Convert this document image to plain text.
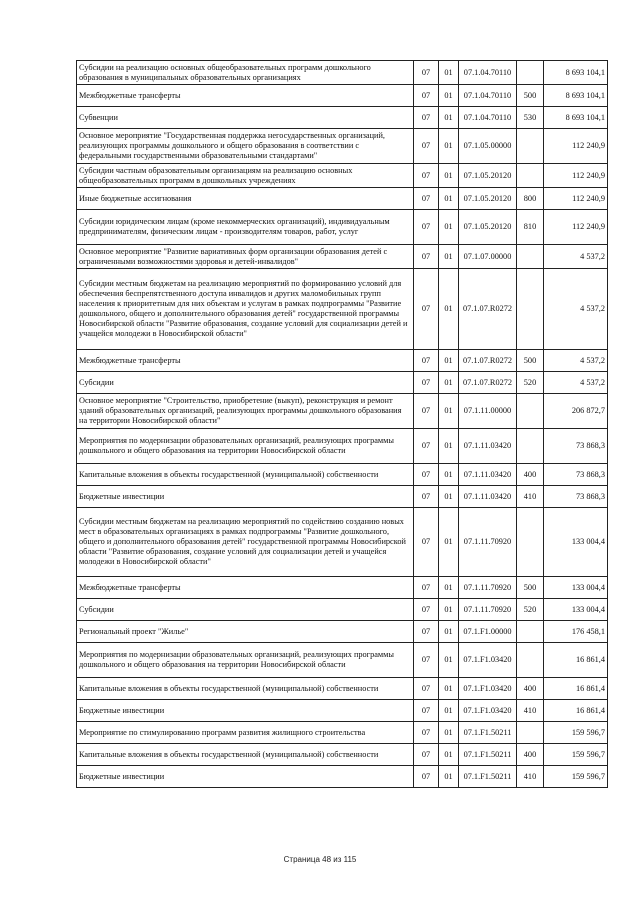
Субсидии на реализацию основных общеобразовательных программ дошкольного образования в муниципальных образовательных организациях	07	01	07.1.04.70110		8 693 104,1
Межбюджетные трансферты	07	01	07.1.04.70110	500	8 693 104,1
Субвенции	07	01	07.1.04.70110	530	8 693 104,1
Основное мероприятие "Государственная поддержка негосударственных организаций, реализующих программы дошкольного и общего образования в соответствии с федеральными государственными образовательными стандартами"	07	01	07.1.05.00000		112 240,9
Субсидии частным образовательным организациям на реализацию основных общеобразовательных программ в дошкольных учреждениях	07	01	07.1.05.20120		112 240,9
Иные бюджетные ассигнования	07	01	07.1.05.20120	800	112 240,9
Субсидии юридическим лицам (кроме некоммерческих организаций), индивидуальным предпринимателям, физическим лицам - производителям товаров, работ, услуг	07	01	07.1.05.20120	810	112 240,9
Основное мероприятие "Развитие вариативных форм организации образования детей с ограниченными возможностями здоровья и детей-инвалидов"	07	01	07.1.07.00000		4 537,2
Субсидии местным бюджетам на реализацию мероприятий по формированию условий для обеспечения беспрепятственного доступа инвалидов и других маломобильных групп населения к приоритетным для них объектам и услугам в рамках подпрограммы "Развитие дошкольного, общего и дополнительного образования детей" государственной программы Новосибирской области "Развитие образования, создание условий для социализации детей и учащейся молодежи в Новосибирской области"	07	01	07.1.07.R0272		4 537,2
Межбюджетные трансферты	07	01	07.1.07.R0272	500	4 537,2
Субсидии	07	01	07.1.07.R0272	520	4 537,2
Основное мероприятие "Строительство, приобретение (выкуп), реконструкция и ремонт зданий образовательных организаций, реализующих программы дошкольного образования на территории Новосибирской области"	07	01	07.1.11.00000		206 872,7
Мероприятия по модернизации образовательных организаций, реализующих программы дошкольного и общего образования на территории Новосибирской области	07	01	07.1.11.03420		73 868,3
Капитальные вложения в объекты государственной (муниципальной) собственности	07	01	07.1.11.03420	400	73 868,3
Бюджетные инвестиции	07	01	07.1.11.03420	410	73 868,3
Субсидии местным бюджетам на реализацию мероприятий по содействию созданию новых мест в образовательных организациях в рамках подпрограммы "Развитие дошкольного, общего и дополнительного образования детей" государственной программы Новосибирской области "Развитие образования, создание условий для социализации детей и учащейся молодежи в Новосибирской области"	07	01	07.1.11.70920		133 004,4
Межбюджетные трансферты	07	01	07.1.11.70920	500	133 004,4
Субсидии	07	01	07.1.11.70920	520	133 004,4
Региональный проект "Жилье"	07	01	07.1.F1.00000		176 458,1
Мероприятия по модернизации образовательных организаций, реализующих программы дошкольного и общего образования на территории Новосибирской области	07	01	07.1.F1.03420		16 861,4
Капитальные вложения в объекты государственной (муниципальной) собственности	07	01	07.1.F1.03420	400	16 861,4
Бюджетные инвестиции	07	01	07.1.F1.03420	410	16 861,4
Мероприятие по стимулированию программ развития жилищного строительства	07	01	07.1.F1.50211		159 596,7
Капитальные вложения в объекты государственной (муниципальной) собственности	07	01	07.1.F1.50211	400	159 596,7
Бюджетные инвестиции	07	01	07.1.F1.50211	410	159 596,7
Страница 48 из 115
